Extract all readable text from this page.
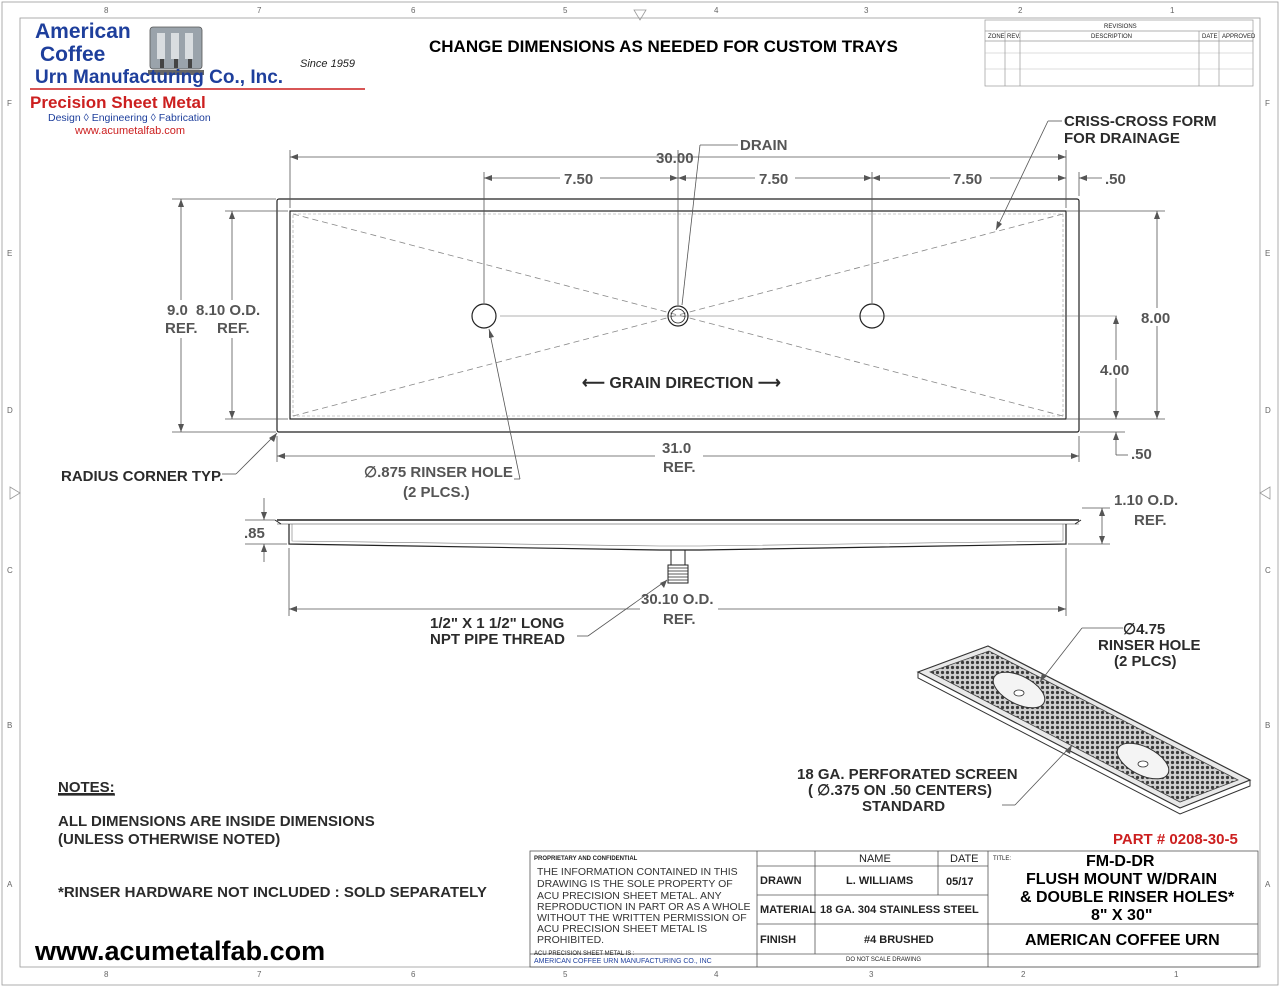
8	7	6	5	4	3	2	1
8	7	6	5	4	3	2	1
F
E
D
C
B
A
F
E
D
C
B
A
American
Coffee
Urn Manufacturing Co., Inc.
Since 1959
Precision Sheet Metal
Design ◊ Engineering ◊ Fabrication
www.acumetalfab.com
CHANGE DIMENSIONS AS NEEDED FOR CUSTOM TRAYS
REVISIONS
ZONE REV.	DESCRIPTION	DATE APPROVED
30.00
DRAIN
7.50	7.50	7.50	.50
CRISS-CROSS FORM
FOR DRAINAGE
9.0
REF.
8.10 O.D.
REF.
8.00
4.00
.50
⟵ GRAIN DIRECTION ⟶
31.0
REF.
RADIUS CORNER TYP.	∅.875 RINSER HOLE
(2 PLCS.)
.85
1.10 O.D.
REF.
30.10 O.D.
REF.
1/2" X 1 1/2" LONG
NPT PIPE THREAD
∅4.75
RINSER HOLE
(2 PLCS)
18 GA. PERFORATED SCREEN
( ∅.375 ON .50 CENTERS)
STANDARD
NOTES:
ALL DIMENSIONS ARE INSIDE DIMENSIONS
(UNLESS OTHERWISE NOTED)
*RINSER HARDWARE NOT INCLUDED : SOLD SEPARATELY
www.acumetalfab.com
PART # 0208-30-5
PROPRIETARY AND CONFIDENTIAL
THE INFORMATION CONTAINED IN THIS
DRAWING IS THE SOLE PROPERTY OF
ACU PRECISION SHEET METAL. ANY
REPRODUCTION IN PART OR AS A WHOLE
WITHOUT THE WRITTEN PERMISSION OF
ACU PRECISION SHEET METAL IS
PROHIBITED.
ACU PRECISION SHEET METAL IS :
AMERICAN COFFEE URN MANUFACTURING CO., INC
NAME	DATE
DRAWN	L. WILLIAMS	05/17
MATERIAL 18 GA. 304 STAINLESS STEEL
FINISH	#4 BRUSHED
DO NOT SCALE DRAWING
TITLE:	FM-D-DR
FLUSH MOUNT W/DRAIN
& DOUBLE RINSER HOLES*
8" X 30"
AMERICAN COFFEE URN
